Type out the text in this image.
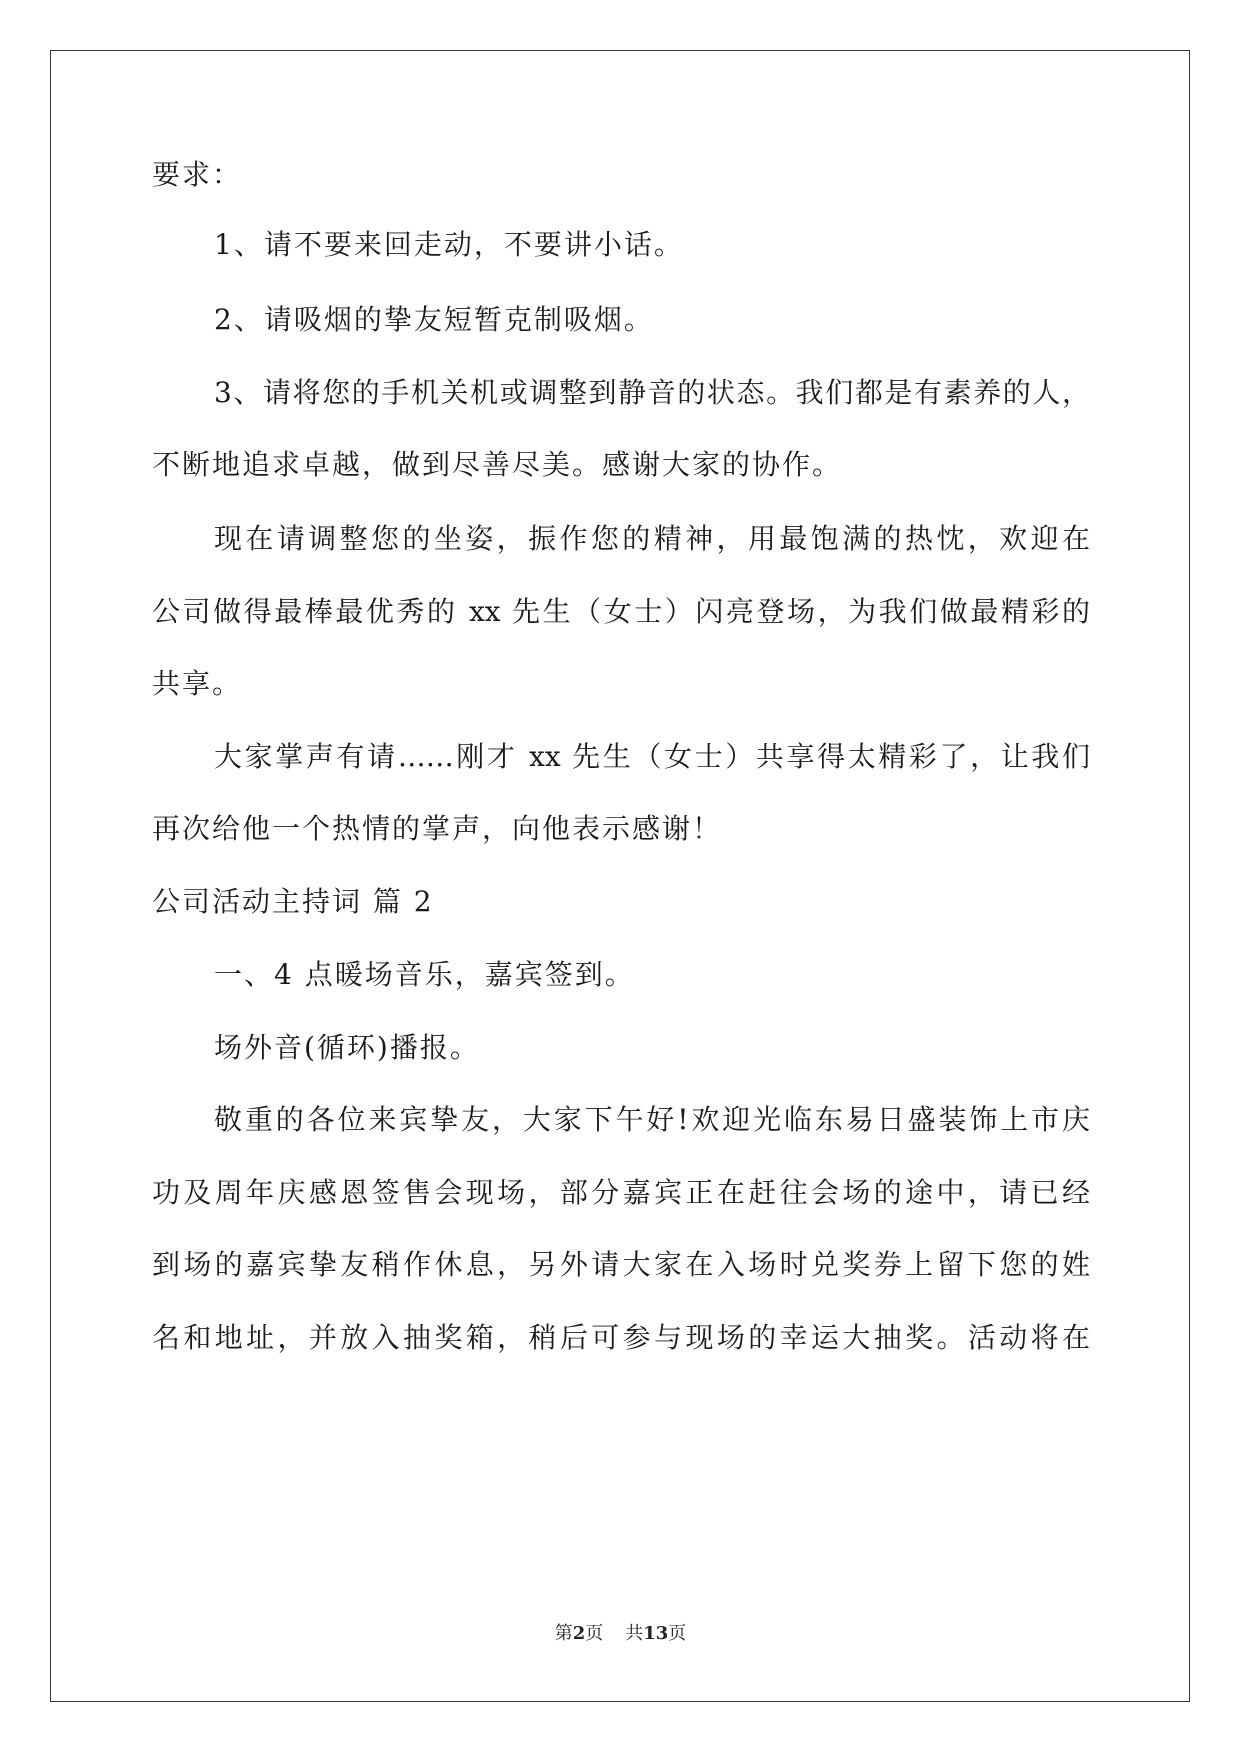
要求：
1、请不要来回走动，不要讲小话。
2、请吸烟的挚友短暂克制吸烟。
3、请将您的手机关机或调整到静音的状态。我们都是有素养的人，
不断地追求卓越，做到尽善尽美。感谢大家的协作。
现在请调整您的坐姿，振作您的精神，用最饱满的热忱，欢迎在
公司做得最棒最优秀的 xx 先生（女士）闪亮登场，为我们做最精彩的
共享。
大家掌声有请……刚才 xx 先生（女士）共享得太精彩了，让我们
再次给他一个热情的掌声，向他表示感谢！
公司活动主持词 篇 2
一、4 点暖场音乐，嘉宾签到。
场外音(循环)播报。
敬重的各位来宾挚友，大家下午好!欢迎光临东易日盛装饰上市庆
功及周年庆感恩签售会现场，部分嘉宾正在赶往会场的途中，请已经
到场的嘉宾挚友稍作休息，另外请大家在入场时兑奖券上留下您的姓
名和地址，并放入抽奖箱，稍后可参与现场的幸运大抽奖。活动将在
第2页 共13页
